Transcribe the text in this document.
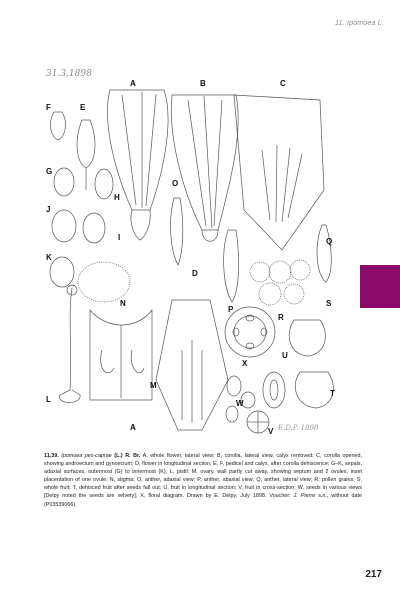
11. Ipomoea L.
31.3.1898
E.D.P. 1898
A	B	C
D
E
F
G
H
I
J
K
L
M
N
O
P
Q
R
S
T
U
V
W
X
A
11.39. Ipomoea pes-caprae (L.) R. Br. A, whole flower, lateral view; B, corolla, lateral view, calyx removed; C, corolla opened, showing androecium and gynoecium; D, flower in longitudinal section; E, F, pedicel and calyx, after corolla dehiscence; G–K, sepals, adaxial surfaces, outermost (G) to innermost (K); L, pistil; M, ovary, wall partly cut away, showing septum and 2 ovules, inset placentation of one ovule; N, stigma; O, anther, adaxial view; P, anther, abaxial view; Q, anther, lateral view; R, pollen grains; S, whole fruit; T, dehisced fruit after seeds fall out; U, fruit in longitudinal section; V, fruit in cross-section; W, seeds in various views [Delpy noted the seeds are velvety]; X, floral diagram. Drawn by E. Delpy, July 1898. Voucher: J. Pierre s.n., without date (P03539066).
217
